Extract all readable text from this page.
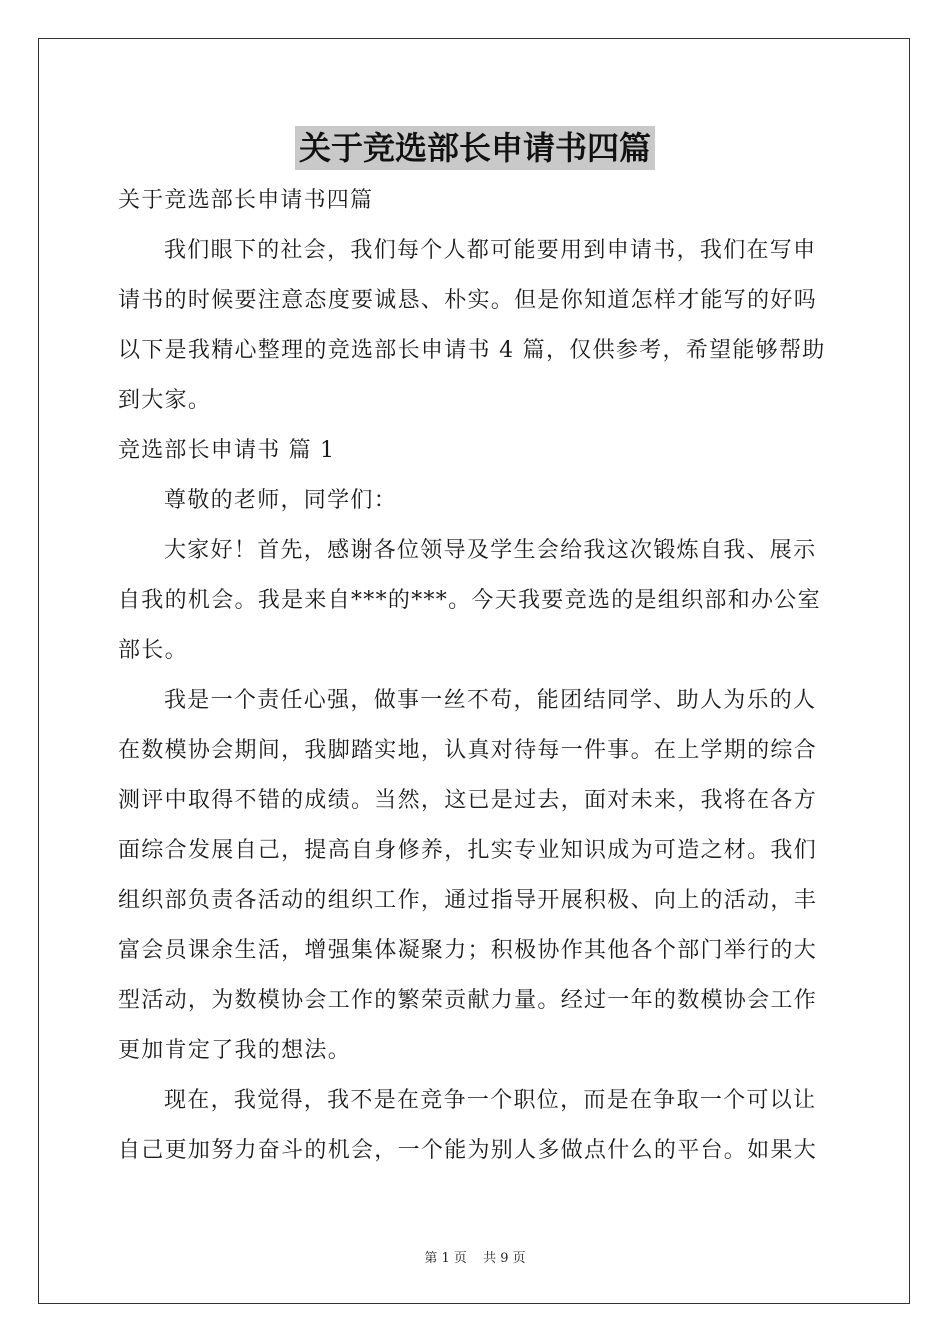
关于竞选部长申请书四篇

关于竞选部长申请书四篇

我们眼下的社会，我们每个人都可能要用到申请书，我们在写申请书的时候要注意态度要诚恳、朴实。但是你知道怎样才能写的好吗以下是我精心整理的竞选部长申请书 4 篇，仅供参考，希望能够帮助到大家。

竞选部长申请书 篇 1

尊敬的老师，同学们：

大家好！首先，感谢各位领导及学生会给我这次锻炼自我、展示自我的机会。我是来自***的***。今天我要竞选的是组织部和办公室部长。

我是一个责任心强，做事一丝不苟，能团结同学、助人为乐的人在数模协会期间，我脚踏实地，认真对待每一件事。在上学期的综合测评中取得不错的成绩。当然，这已是过去，面对未来，我将在各方面综合发展自己，提高自身修养，扎实专业知识成为可造之材。我们组织部负责各活动的组织工作，通过指导开展积极、向上的活动，丰富会员课余生活，增强集体凝聚力；积极协作其他各个部门举行的大型活动，为数模协会工作的繁荣贡献力量。经过一年的数模协会工作更加肯定了我的想法。

现在，我觉得，我不是在竞争一个职位，而是在争取一个可以让自己更加努力奋斗的机会，一个能为别人多做点什么的平台。如果大

第 1 页 共 9 页
